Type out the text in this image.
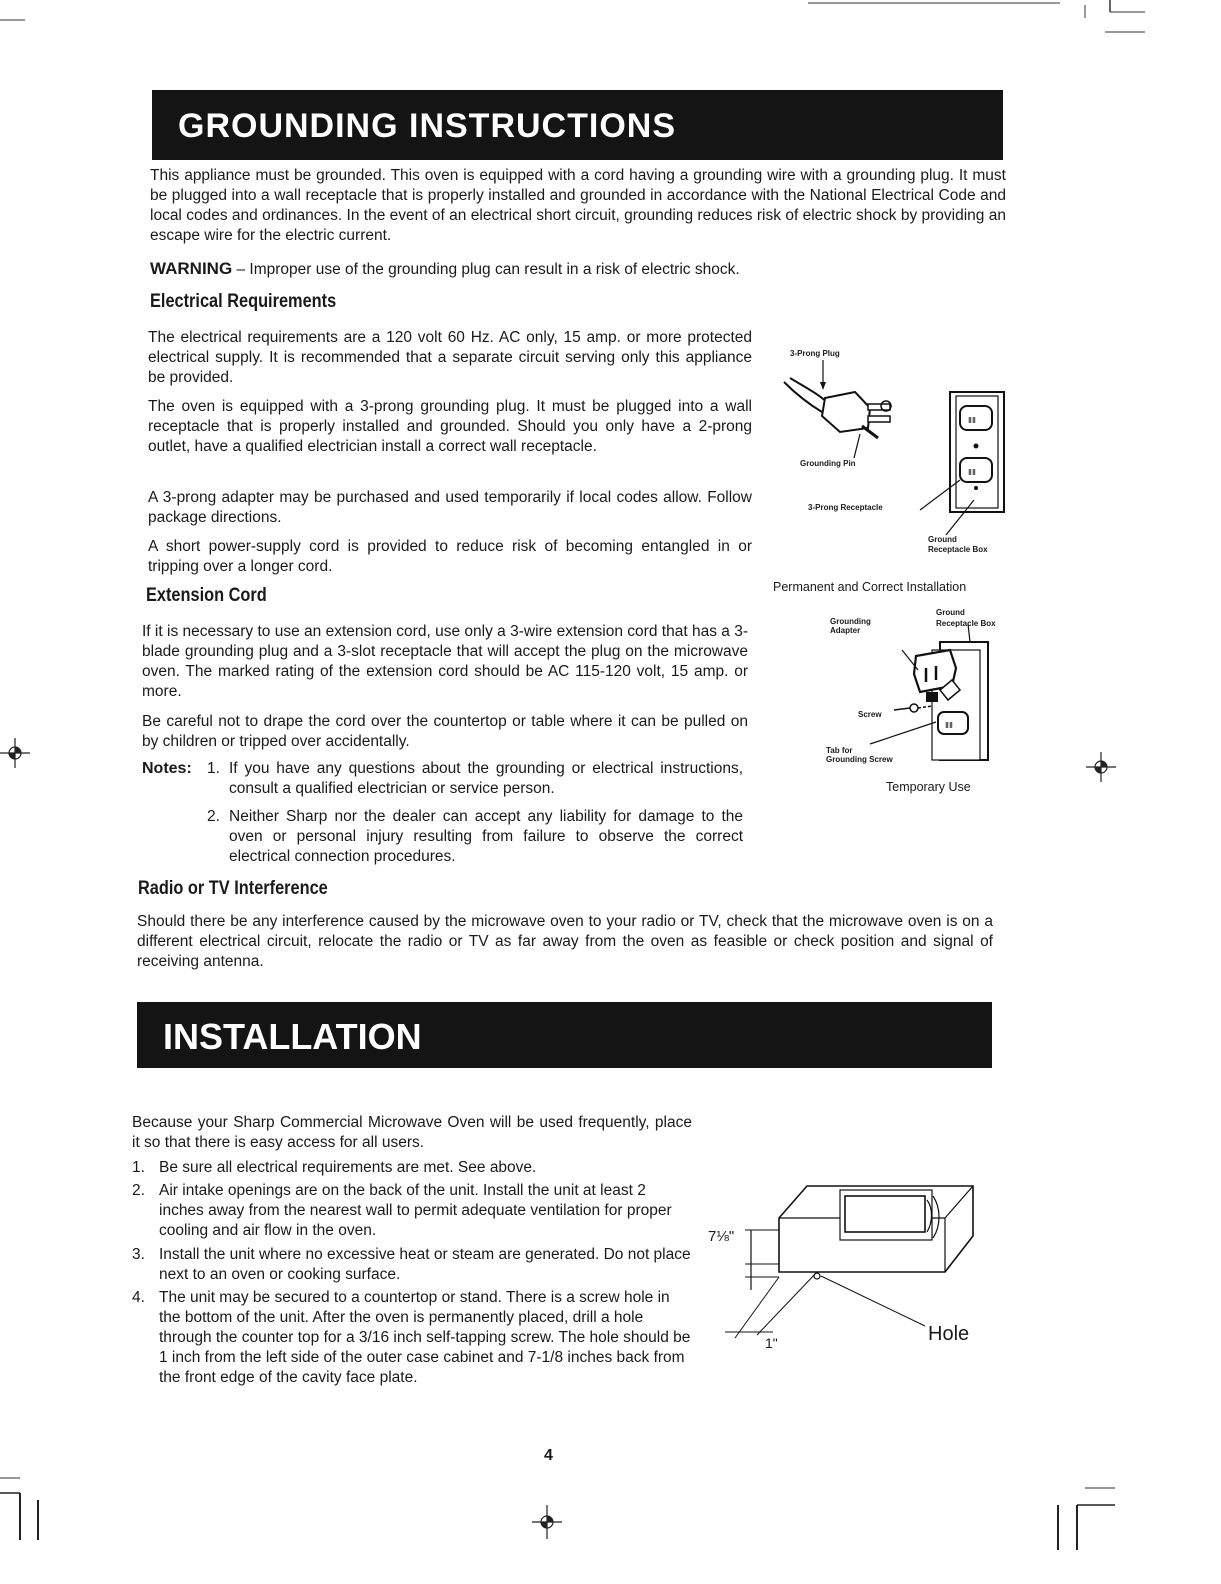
GROUNDING INSTRUCTIONS
This appliance must be grounded. This oven is equipped with a cord having a grounding wire with a grounding plug. It must be plugged into a wall receptacle that is properly installed and grounded in accordance with the National Electrical Code and local codes and ordinances. In the event of an electrical short circuit, grounding reduces risk of electric shock by providing an escape wire for the electric current.
WARNING – Improper use of the grounding plug can result in a risk of electric shock.
Electrical Requirements
The electrical requirements are a 120 volt 60 Hz. AC only, 15 amp. or more protected electrical supply. It is recommended that a separate circuit serving only this appliance be provided.
The oven is equipped with a 3-prong grounding plug. It must be plugged into a wall receptacle that is properly installed and grounded. Should you only have a 2-prong outlet, have a qualified electrician install a correct wall receptacle.
A 3-prong adapter may be purchased and used temporarily if local codes allow. Follow package directions.
A short power-supply cord is provided to reduce risk of becoming entangled in or tripping over a longer cord.
Extension Cord
If it is necessary to use an extension cord, use only a 3-wire extension cord that has a 3-blade grounding plug and a 3-slot receptacle that will accept the plug on the microwave oven. The marked rating of the extension cord should be AC 115-120 volt, 15 amp. or more.
Be careful not to drape the cord over the countertop or table where it can be pulled on by children or tripped over accidentally.
Notes: 1. If you have any questions about the grounding or electrical instructions, consult a qualified electrician or service person.
2. Neither Sharp nor the dealer can accept any liability for damage to the oven or personal injury resulting from failure to observe the correct electrical connection procedures.
Radio or TV Interference
Should there be any interference caused by the microwave oven to your radio or TV, check that the microwave oven is on a different electrical circuit, relocate the radio or TV as far away from the oven as feasible or check position and signal of receiving antenna.
ⅡⅡ
ⅡⅡ
3-Prong Plug
Grounding Pin
3-Prong Receptacle
Ground
Receptacle Box
Permanent and Correct Installation
ⅡⅡ
Grounding
Adapter
Ground
Receptacle Box
Screw
Tab for
Grounding Screw
Temporary Use
INSTALLATION
Because your Sharp Commercial Microwave Oven will be used frequently, place it so that there is easy access for all users.
1. Be sure all electrical requirements are met. See above.
2. Air intake openings are on the back of the unit. Install the unit at least 2 inches away from the nearest wall to permit adequate ventilation for proper cooling and air flow in the oven.
3. Install the unit where no excessive heat or steam are generated. Do not place next to an oven or cooking surface.
4. The unit may be secured to a countertop or stand. There is a screw hole in the bottom of the unit. After the oven is permanently placed, drill a hole through the counter top for a 3/16 inch self-tapping screw. The hole should be 1 inch from the left side of the outer case cabinet and 7-1/8 inches back from the front edge of the cavity face plate.
7⅛"
1"	Hole
4
